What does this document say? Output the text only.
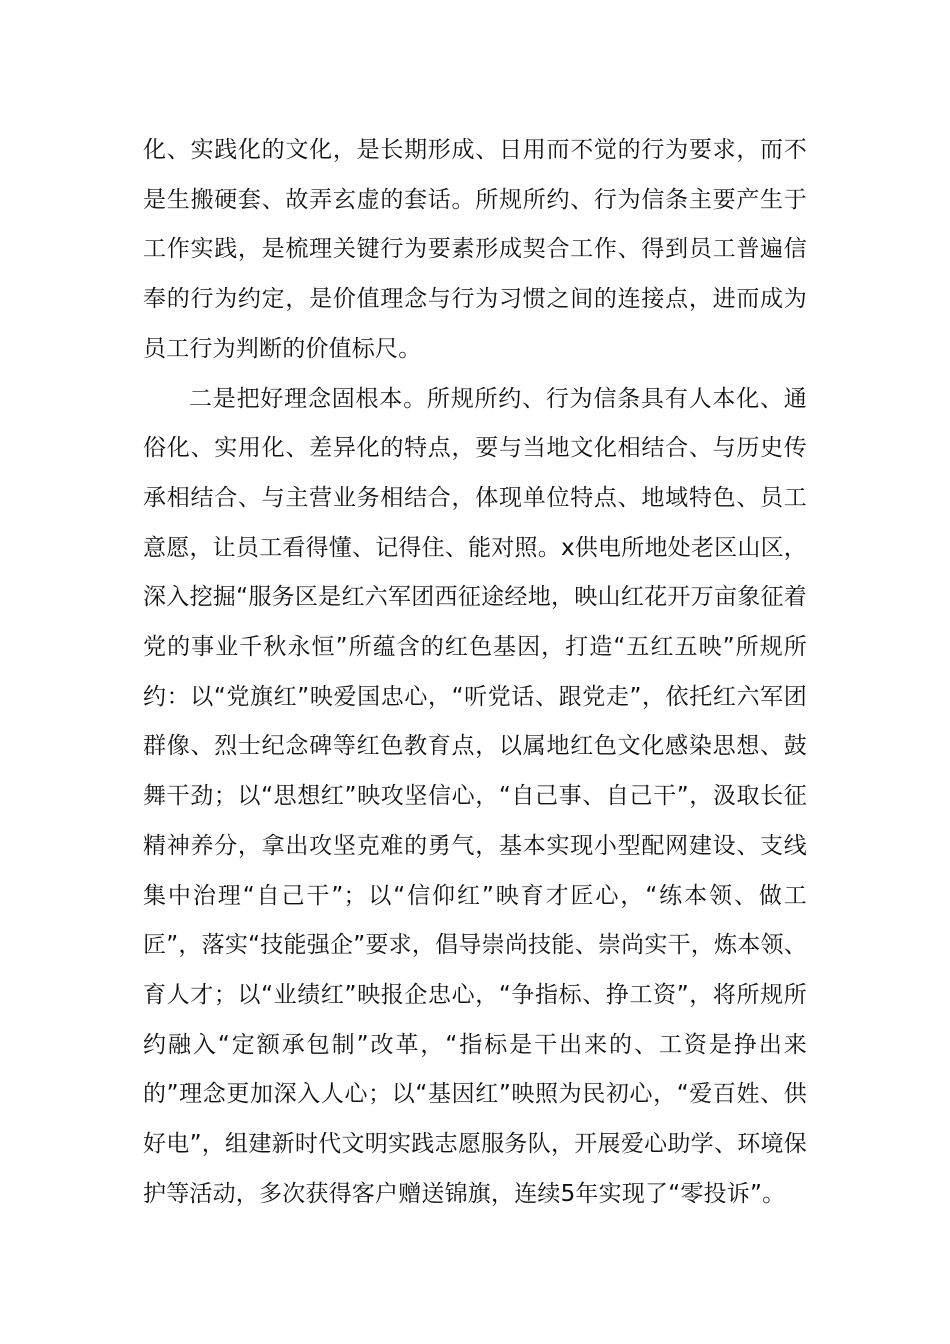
化、实践化的文化，是长期形成、日用而不觉的行为要求，而不是生搬硬套、故弄玄虚的套话。所规所约、行为信条主要产生于工作实践，是梳理关键行为要素形成契合工作、得到员工普遍信奉的行为约定，是价值理念与行为习惯之间的连接点，进而成为员工行为判断的价值标尺。

二是把好理念固根本。所规所约、行为信条具有人本化、通俗化、实用化、差异化的特点，要与当地文化相结合、与历史传承相结合、与主营业务相结合，体现单位特点、地域特色、员工意愿，让员工看得懂、记得住、能对照。x供电所地处老区山区，深入挖掘“服务区是红六军团西征途经地，映山红花开万亩象征着党的事业千秋永恒”所蕴含的红色基因，打造“五红五映”所规所约：以“党旗红”映爱国忠心，“听党话、跟党走”，依托红六军团群像、烈士纪念碑等红色教育点，以属地红色文化感染思想、鼓舞干劲；以“思想红”映攻坚信心，“自己事、自己干”，汲取长征精神养分，拿出攻坚克难的勇气，基本实现小型配网建设、支线集中治理“自己干”；以“信仰红”映育才匠心，“练本领、做工匠”，落实“技能强企”要求，倡导崇尚技能、崇尚实干，炼本领、育人才；以“业绩红”映报企忠心，“争指标、挣工资”，将所规所约融入“定额承包制”改革，“指标是干出来的、工资是挣出来的”理念更加深入人心；以“基因红”映照为民初心，“爱百姓、供好电”，组建新时代文明实践志愿服务队，开展爱心助学、环境保护等活动，多次获得客户赠送锦旗，连续5年实现了“零投诉”。
